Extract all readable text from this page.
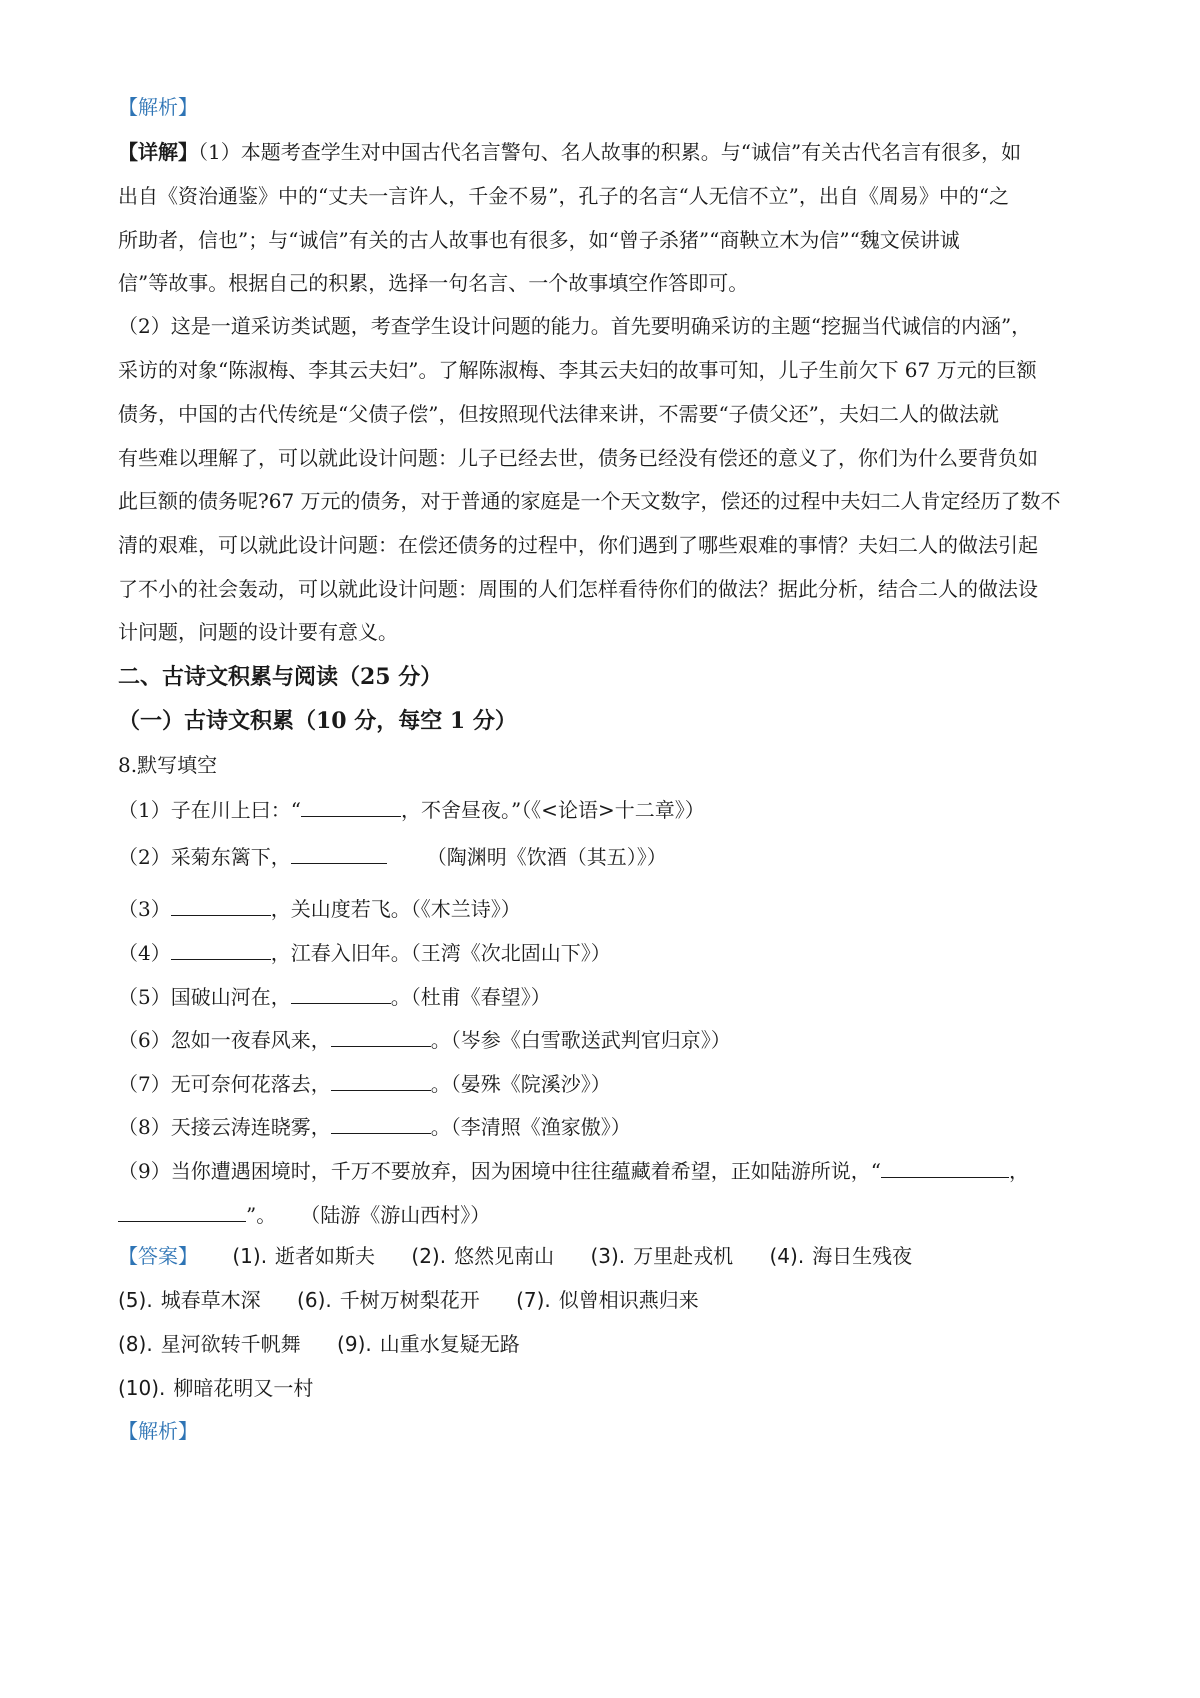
【解析】
【详解】（1）本题考查学生对中国古代名言警句、名人故事的积累。与“诚信”有关古代名言有很多，如
出自《资治通鉴》中的“丈夫一言许人，千金不易”，孔子的名言“人无信不立”，出自《周易》中的“之
所助者，信也”；与“诚信”有关的古人故事也有很多，如“曾子杀猪”“商鞅立木为信”“魏文侯讲诚
信”等故事。根据自己的积累，选择一句名言、一个故事填空作答即可。
（2）这是一道采访类试题，考查学生设计问题的能力。首先要明确采访的主题“挖掘当代诚信的内涵”，
采访的对象“陈淑梅、李其云夫妇”。了解陈淑梅、李其云夫妇的故事可知，儿子生前欠下 67 万元的巨额
债务，中国的古代传统是“父债子偿”，但按照现代法律来讲，不需要“子债父还”，夫妇二人的做法就
有些难以理解了，可以就此设计问题：儿子已经去世，债务已经没有偿还的意义了，你们为什么要背负如
此巨额的债务呢?67 万元的债务，对于普通的家庭是一个天文数字，偿还的过程中夫妇二人肯定经历了数不
清的艰难，可以就此设计问题：在偿还债务的过程中，你们遇到了哪些艰难的事情？夫妇二人的做法引起
了不小的社会轰动，可以就此设计问题：周围的人们怎样看待你们的做法？据此分析，结合二人的做法设
计问题，问题的设计要有意义。
二、古诗文积累与阅读（25 分）
（一）古诗文积累（10 分，每空 1 分）
8.默写填空
（1）子在川上曰：“	，不舍昼夜。”（《<论语>十二章》）
（2）采菊东篱下，	（陶渊明《饮酒（其五）》）
（3）	，关山度若飞。（《木兰诗》）
（4）	，江春入旧年。（王湾《次北固山下》）
（5）国破山河在，	。（杜甫《春望》）
（6）忽如一夜春风来，	。（岑参《白雪歌送武判官归京》）
（7）无可奈何花落去，	。（晏殊《院溪沙》）
（8）天接云涛连晓雾，	。（李清照《渔家傲》）
（9）当你遭遇困境时，千万不要放弃，因为困境中往往蕴藏着希望，正如陆游所说，“	，
”。 （陆游《游山西村》）
【答案】 (1). 逝者如斯夫 (2). 悠然见南山 (3). 万里赴戎机 (4). 海日生残夜
(5). 城春草木深 (6). 千树万树梨花开 (7). 似曾相识燕归来
(8). 星河欲转千帆舞 (9). 山重水复疑无路
(10). 柳暗花明又一村
【解析】
